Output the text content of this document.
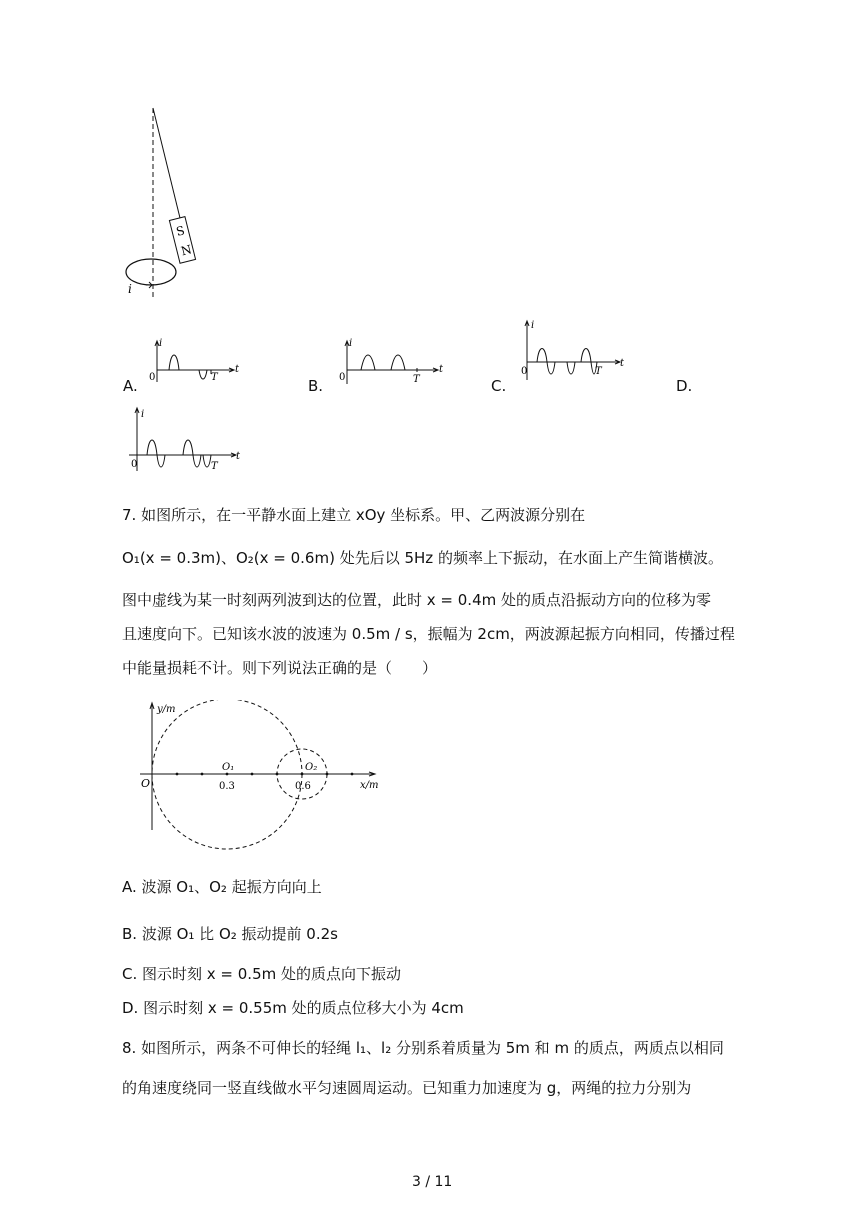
S
N
i
i
0	T
t
A.
i
0	T
t
B.
i
0	T
t
C.	D.
i
0	T
t
7. 如图所示，在一平静水面上建立 xOy 坐标系。甲、乙两波源分别在
O₁(x = 0.3m)、O₂(x = 0.6m) 处先后以 5Hz 的频率上下振动，在水面上产生简谐横波。
图中虚线为某一时刻两列波到达的位置，此时 x = 0.4m 处的质点沿振动方向的位移为零
且速度向下。已知该水波的波速为 0.5m / s，振幅为 2cm，两波源起振方向相同，传播过程
中能量损耗不计。则下列说法正确的是（　　）
y/m
x/m
O
O₁	O₂
0.3	0.6
A. 波源 O₁、O₂ 起振方向向上
B. 波源 O₁ 比 O₂ 振动提前 0.2s
C. 图示时刻 x = 0.5m 处的质点向下振动
D. 图示时刻 x = 0.55m 处的质点位移大小为 4cm
8. 如图所示，两条不可伸长的轻绳 l₁、l₂ 分别系着质量为 5m 和 m 的质点，两质点以相同
的角速度绕同一竖直线做水平匀速圆周运动。已知重力加速度为 g，两绳的拉力分别为
3 / 11
